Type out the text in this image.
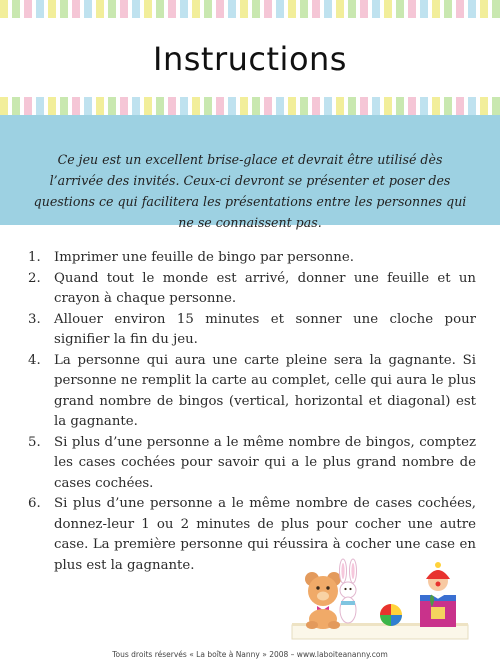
Instructions
Ce jeu est un excellent brise-glace et devrait être utilisé dès l’arrivée des invités. Ceux-ci devront se présenter et poser des questions ce qui facilitera les présentations entre les personnes qui ne se connaissent pas.
1.	Imprimer une feuille de bingo par personne.
2.	Quand tout le monde est arrivé, donner une feuille et un crayon à chaque personne.
3.	Allouer environ 15 minutes et sonner une cloche pour signifier la fin du jeu.
4.	La personne qui aura une carte pleine sera la gagnante. Si personne ne remplit la carte au complet, celle qui aura le plus grand nombre de bingos (vertical, horizontal et diagonal) est la gagnante.
5.	Si plus d’une personne a le même nombre de bingos, comptez les cases cochées pour savoir qui a le plus grand nombre de cases cochées.
6.	Si plus d’une personne a le même nombre de cases cochées, donnez-leur 1 ou 2 minutes de plus pour cocher une autre case. La première personne qui réussira à cocher une case en plus est la gagnante.
Tous droits réservés « La boîte à Nanny » 2008 – www.laboiteananny.com
